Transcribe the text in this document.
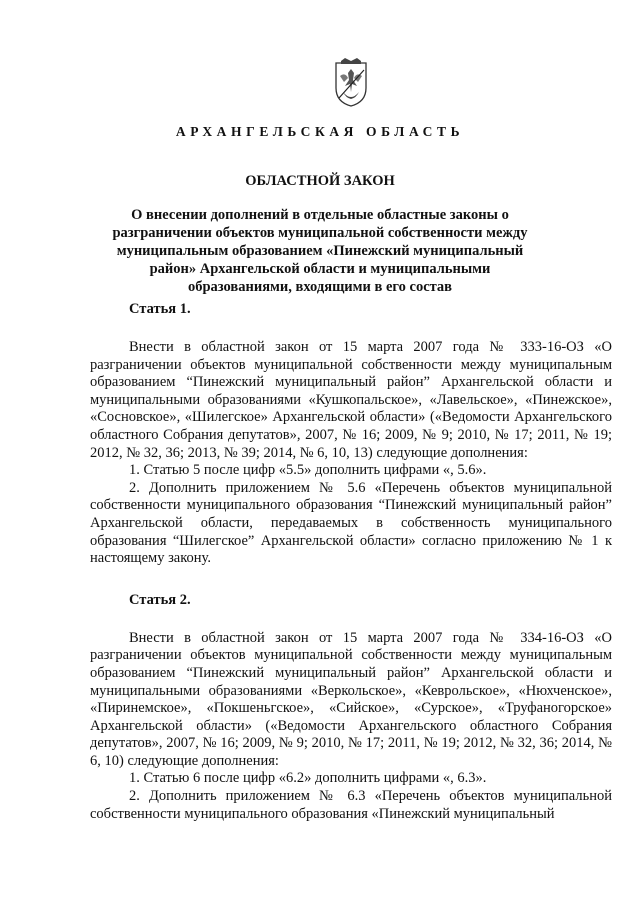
АРХАНГЕЛЬСКАЯ ОБЛАСТЬ
ОБЛАСТНОЙ ЗАКОН
О внесении дополнений в отдельные областные законы о разграничении объектов муниципальной собственности между муниципальным образованием «Пинежский муниципальный район» Архангельской области и муниципальными образованиями, входящими в его состав

Статья 1.

Внести в областной закон от 15 марта 2007 года № 333-16-ОЗ «О разграничении объектов муниципальной собственности между муниципальным образованием “Пинежский муниципальный район” Архангельской области и муниципальными образованиями «Кушкопальское», «Лавельское», «Пинежское», «Сосновское», «Шилегское» Архангельской области» («Ведомости Архангельского областного Собрания депутатов», 2007, № 16; 2009, № 9; 2010, № 17; 2011, № 19; 2012, № 32, 36; 2013, № 39; 2014, № 6, 10, 13) следующие дополнения:

1. Статью 5 после цифр «5.5» дополнить цифрами «, 5.6».

2. Дополнить приложением № 5.6 «Перечень объектов муниципальной собственности муниципального образования “Пинежский муниципальный район” Архангельской области, передаваемых в собственность муниципального образования “Шилегское” Архангельской области» согласно приложению № 1 к настоящему закону.

Статья 2.

Внести в областной закон от 15 марта 2007 года № 334-16-ОЗ «О разграничении объектов муниципальной собственности между муниципальным образованием “Пинежский муниципальный район” Архангельской области и муниципальными образованиями «Веркольское», «Кеврольское», «Нюхченское», «Пиринемское», «Покшеньгское», «Сийское», «Сурское», «Труфаногорское» Архангельской области» («Ведомости Архангельского областного Собрания депутатов», 2007, № 16; 2009, № 9; 2010, № 17; 2011, № 19; 2012, № 32, 36; 2014, № 6, 10) следующие дополнения:

1. Статью 6 после цифр «6.2» дополнить цифрами «, 6.3».

2. Дополнить приложением № 6.3 «Перечень объектов муниципальной собственности муниципального образования «Пинежский муниципальный
